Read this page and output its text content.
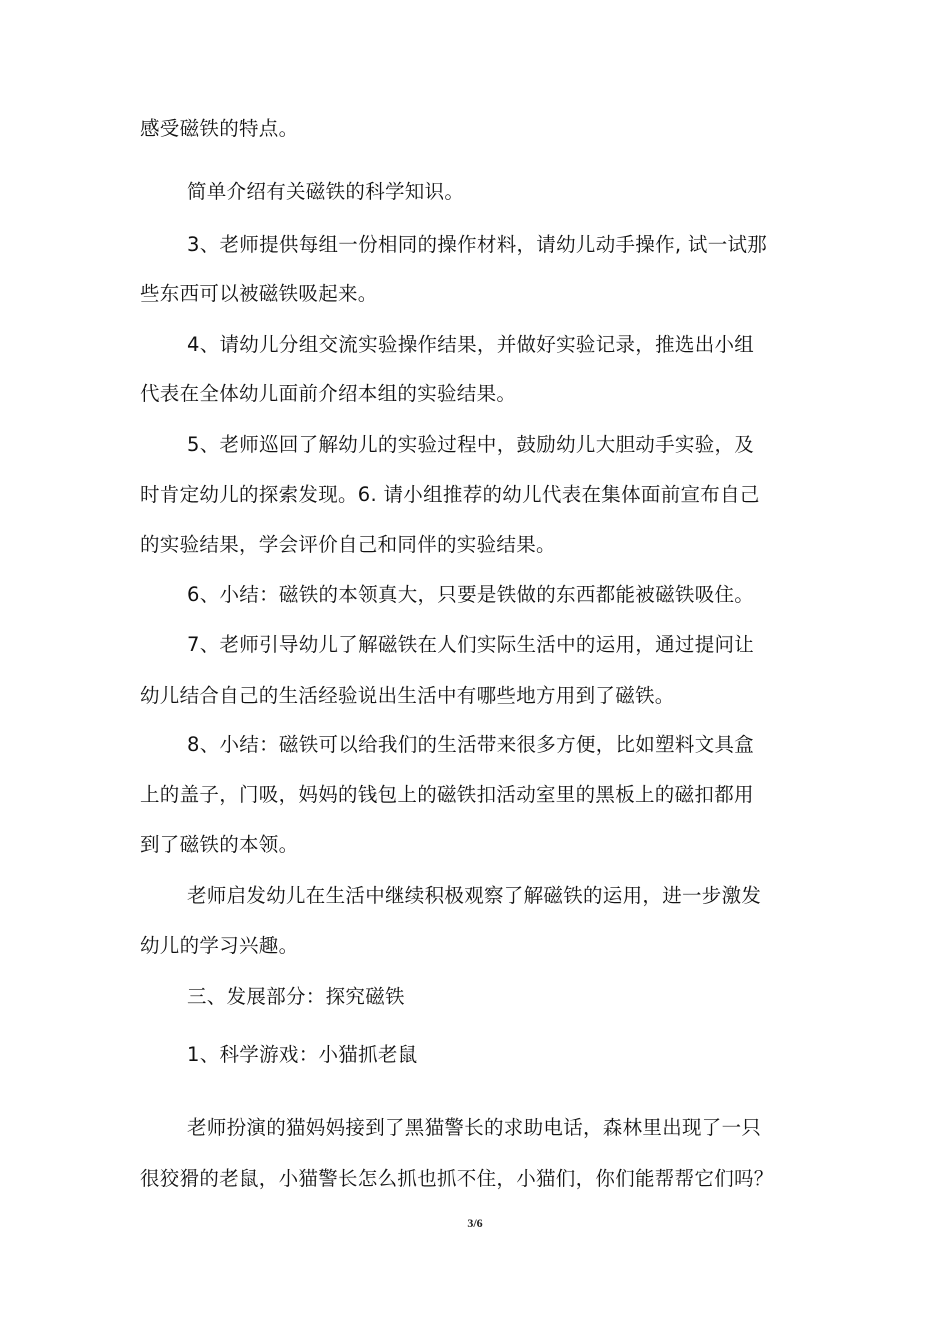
感受磁铁的特点。
简单介绍有关磁铁的科学知识。
3、老师提供每组一份相同的操作材料，请幼儿动手操作, 试一试那
些东西可以被磁铁吸起来。
4、请幼儿分组交流实验操作结果，并做好实验记录，推选出小组
代表在全体幼儿面前介绍本组的实验结果。
5、老师巡回了解幼儿的实验过程中，鼓励幼儿大胆动手实验，及
时肯定幼儿的探索发现。6. 请小组推荐的幼儿代表在集体面前宣布自己
的实验结果，学会评价自己和同伴的实验结果。
6、小结：磁铁的本领真大，只要是铁做的东西都能被磁铁吸住。
7、老师引导幼儿了解磁铁在人们实际生活中的运用，通过提问让
幼儿结合自己的生活经验说出生活中有哪些地方用到了磁铁。
8、小结：磁铁可以给我们的生活带来很多方便，比如塑料文具盒
上的盖子，门吸，妈妈的钱包上的磁铁扣活动室里的黑板上的磁扣都用
到了磁铁的本领。
老师启发幼儿在生活中继续积极观察了解磁铁的运用，进一步激发
幼儿的学习兴趣。
三、发展部分：探究磁铁
1、科学游戏：小猫抓老鼠
老师扮演的猫妈妈接到了黑猫警长的求助电话，森林里出现了一只
很狡猾的老鼠，小猫警长怎么抓也抓不住，小猫们，你们能帮帮它们吗？
3/6
